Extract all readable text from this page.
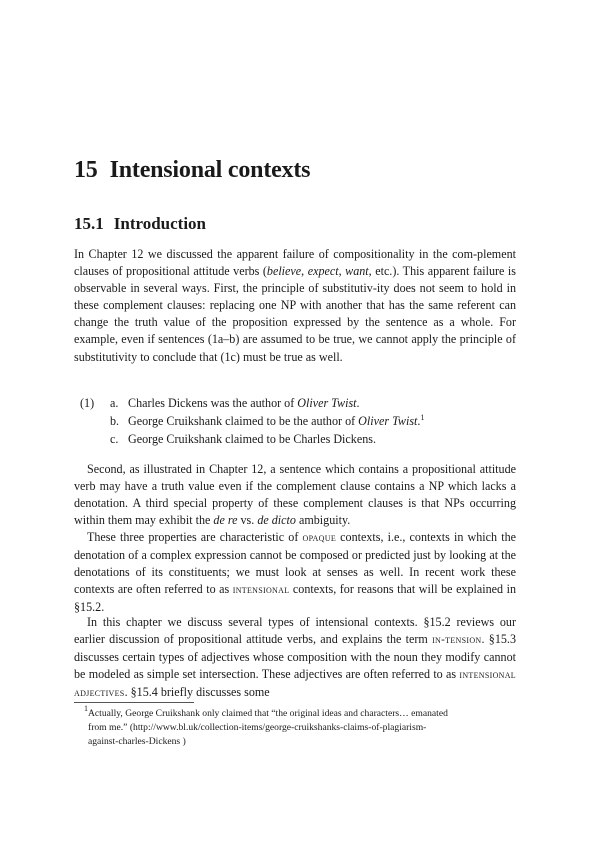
15 Intensional contexts
15.1 Introduction

In Chapter 12 we discussed the apparent failure of compositionality in the com-plement clauses of propositional attitude verbs (believe, expect, want, etc.). This apparent failure is observable in several ways. First, the principle of substitutiv-ity does not seem to hold in these complement clauses: replacing one NP with another that has the same referent can change the truth value of the proposition expressed by the sentence as a whole. For example, even if sentences (1a–b) are assumed to be true, we cannot apply the principle of substitutivity to conclude that (1c) must be true as well.

(1) a. Charles Dickens was the author of Oliver Twist.
b. George Cruikshank claimed to be the author of Oliver Twist.$^1$
c. George Cruikshank claimed to be Charles Dickens.

Second, as illustrated in Chapter 12, a sentence which contains a propositional attitude verb may have a truth value even if the complement clause contains a NP which lacks a denotation. A third special property of these complement clauses is that NPs occurring within them may exhibit the de re vs. de dicto ambiguity.

These three properties are characteristic of opaque contexts, i.e., contexts in which the denotation of a complex expression cannot be composed or predicted just by looking at the denotations of its constituents; we must look at senses as well. In recent work these contexts are often referred to as intensional contexts, for reasons that will be explained in §15.2.

In this chapter we discuss several types of intensional contexts. §15.2 reviews our earlier discussion of propositional attitude verbs, and explains the term in-tension. §15.3 discusses certain types of adjectives whose composition with the noun they modify cannot be modeled as simple set intersection. These adjectives are often referred to as intensional adjectives. §15.4 briefly discusses some

$^1$Actually, George Cruikshank only claimed that “the original ideas and characters… emanated
from me.” (http://www.bl.uk/collection-items/george-cruikshanks-claims-of-plagiarism-
against-charles-Dickens )
